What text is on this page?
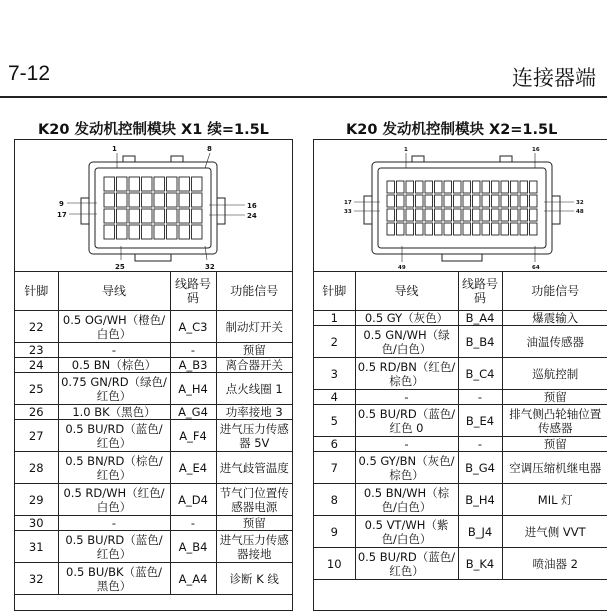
7-12	连接器端
K20 发动机控制模块 X1 续=1.5L
1	8
9
17
16
24
25	32
针脚	导线	线路号码	功能信号
22	0.5 OG/WH（橙色/白色）	A_C3	制动灯开关
23	-	-	预留
24	0.5 BN（棕色）	A_B3	离合器开关
25	0.75 GN/RD（绿色/红色）	A_H4	点火线圈 1
26	1.0 BK（黑色）	A_G4	功率接地 3
27	0.5 BU/RD（蓝色/红色）	A_F4	进气压力传感器 5V
28	0.5 BN/RD（棕色/红色）	A_E4	进气歧管温度
29	0.5 RD/WH（红色/白色）	A_D4	节气门位置传感器电源
30	-	-	预留
31	0.5 BU/RD（蓝色/红色）	A_B4	进气压力传感器接地
32	0.5 BU/BK（蓝色/黑色）	A_A4	诊断 K 线
K20 发动机控制模块 X2=1.5L
1	16
17
33
32
48
49	64
针脚	导线	线路号码	功能信号
1	0.5 GY（灰色）	B_A4	爆震输入
2	0.5 GN/WH（绿色/白色）	B_B4	油温传感器
3	0.5 RD/BN（红色/棕色）	B_C4	巡航控制
4	-	-	预留
5	0.5 BU/RD（蓝色/红色 0	B_E4	排气侧凸轮轴位置传感器
6	-	-	预留
7	0.5 GY/BN（灰色/棕色）	B_G4	空调压缩机继电器
8	0.5 BN/WH（棕色/白色）	B_H4	MIL 灯
9	0.5 VT/WH（紫色/白色）	B_J4	进气侧 VVT
10	0.5 BU/RD（蓝色/红色）	B_K4	喷油器 2
